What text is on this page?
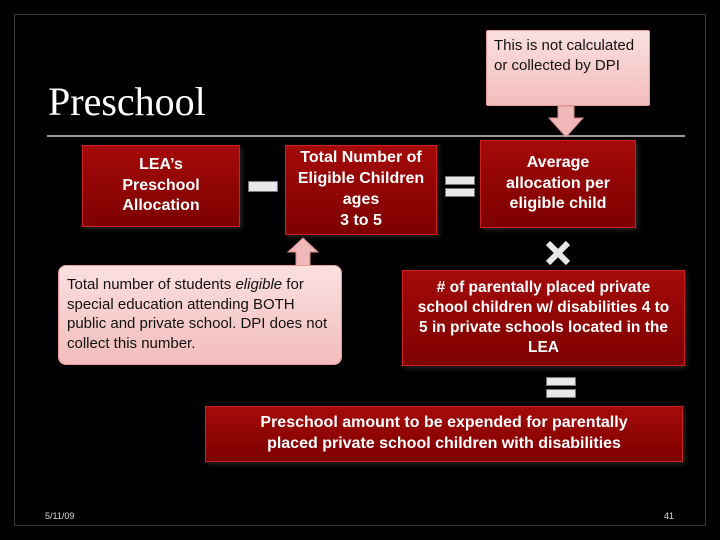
Preschool
This is not calculated or collected by DPI
LEA’s Preschool Allocation
Total Number of
Eligible Children
ages
3 to 5
Average allocation per eligible child
Total number of students eligible for special education attending BOTH public and private school. DPI does not collect this number.
# of parentally placed private school children w/ disabilities 4 to 5 in private schools located in the LEA
Preschool amount to be expended for parentally placed private school children with disabilities
5/11/09	41
